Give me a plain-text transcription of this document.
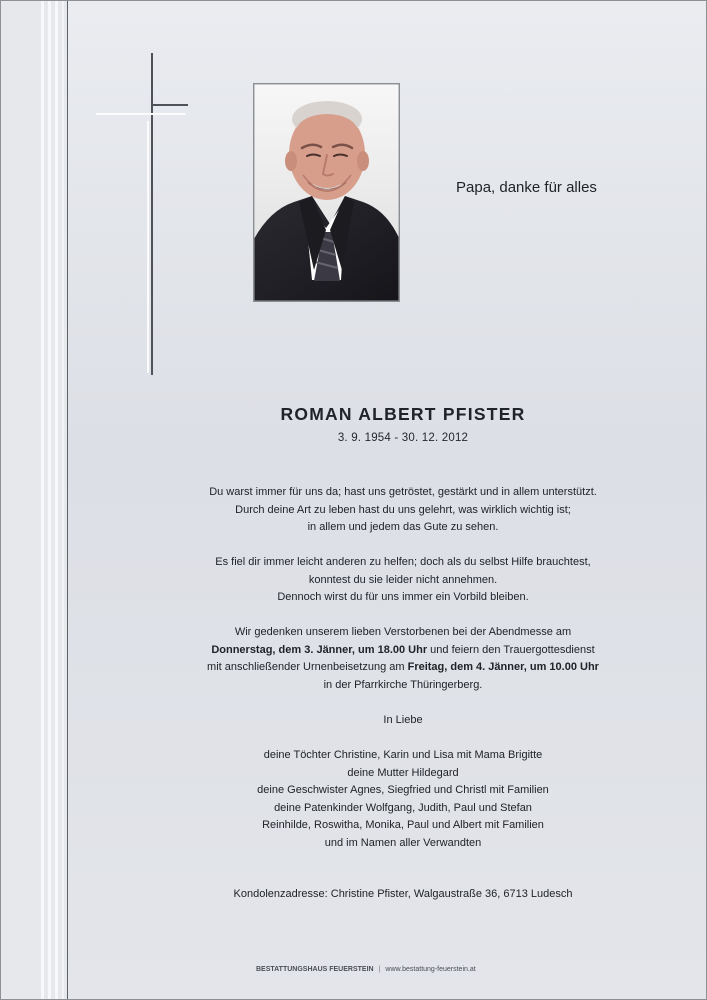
Papa, danke für alles
ROMAN ALBERT PFISTER
3. 9. 1954 - 30. 12. 2012

Du warst immer für uns da; hast uns getröstet, gestärkt und in allem unterstützt.

Durch deine Art zu leben hast du uns gelehrt, was wirklich wichtig ist;

in allem und jedem das Gute zu sehen.

Es fiel dir immer leicht anderen zu helfen; doch als du selbst Hilfe brauchtest,

konntest du sie leider nicht annehmen.

Dennoch wirst du für uns immer ein Vorbild bleiben.

Wir gedenken unserem lieben Verstorbenen bei der Abendmesse am

Donnerstag, dem 3. Jänner, um 18.00 Uhr und feiern den Trauergottesdienst

mit anschließender Urnenbeisetzung am Freitag, dem 4. Jänner, um 10.00 Uhr

in der Pfarrkirche Thüringerberg.

In Liebe

deine Töchter Christine, Karin und Lisa mit Mama Brigitte

deine Mutter Hildegard

deine Geschwister Agnes, Siegfried und Christl mit Familien

deine Patenkinder Wolfgang, Judith, Paul und Stefan

Reinhilde, Roswitha, Monika, Paul und Albert mit Familien

und im Namen aller Verwandten

Kondolenzadresse: Christine Pfister, Walgaustraße 36, 6713 Ludesch

BESTATTUNGSHAUS FEUERSTEIN | www.bestattung-feuerstein.at
